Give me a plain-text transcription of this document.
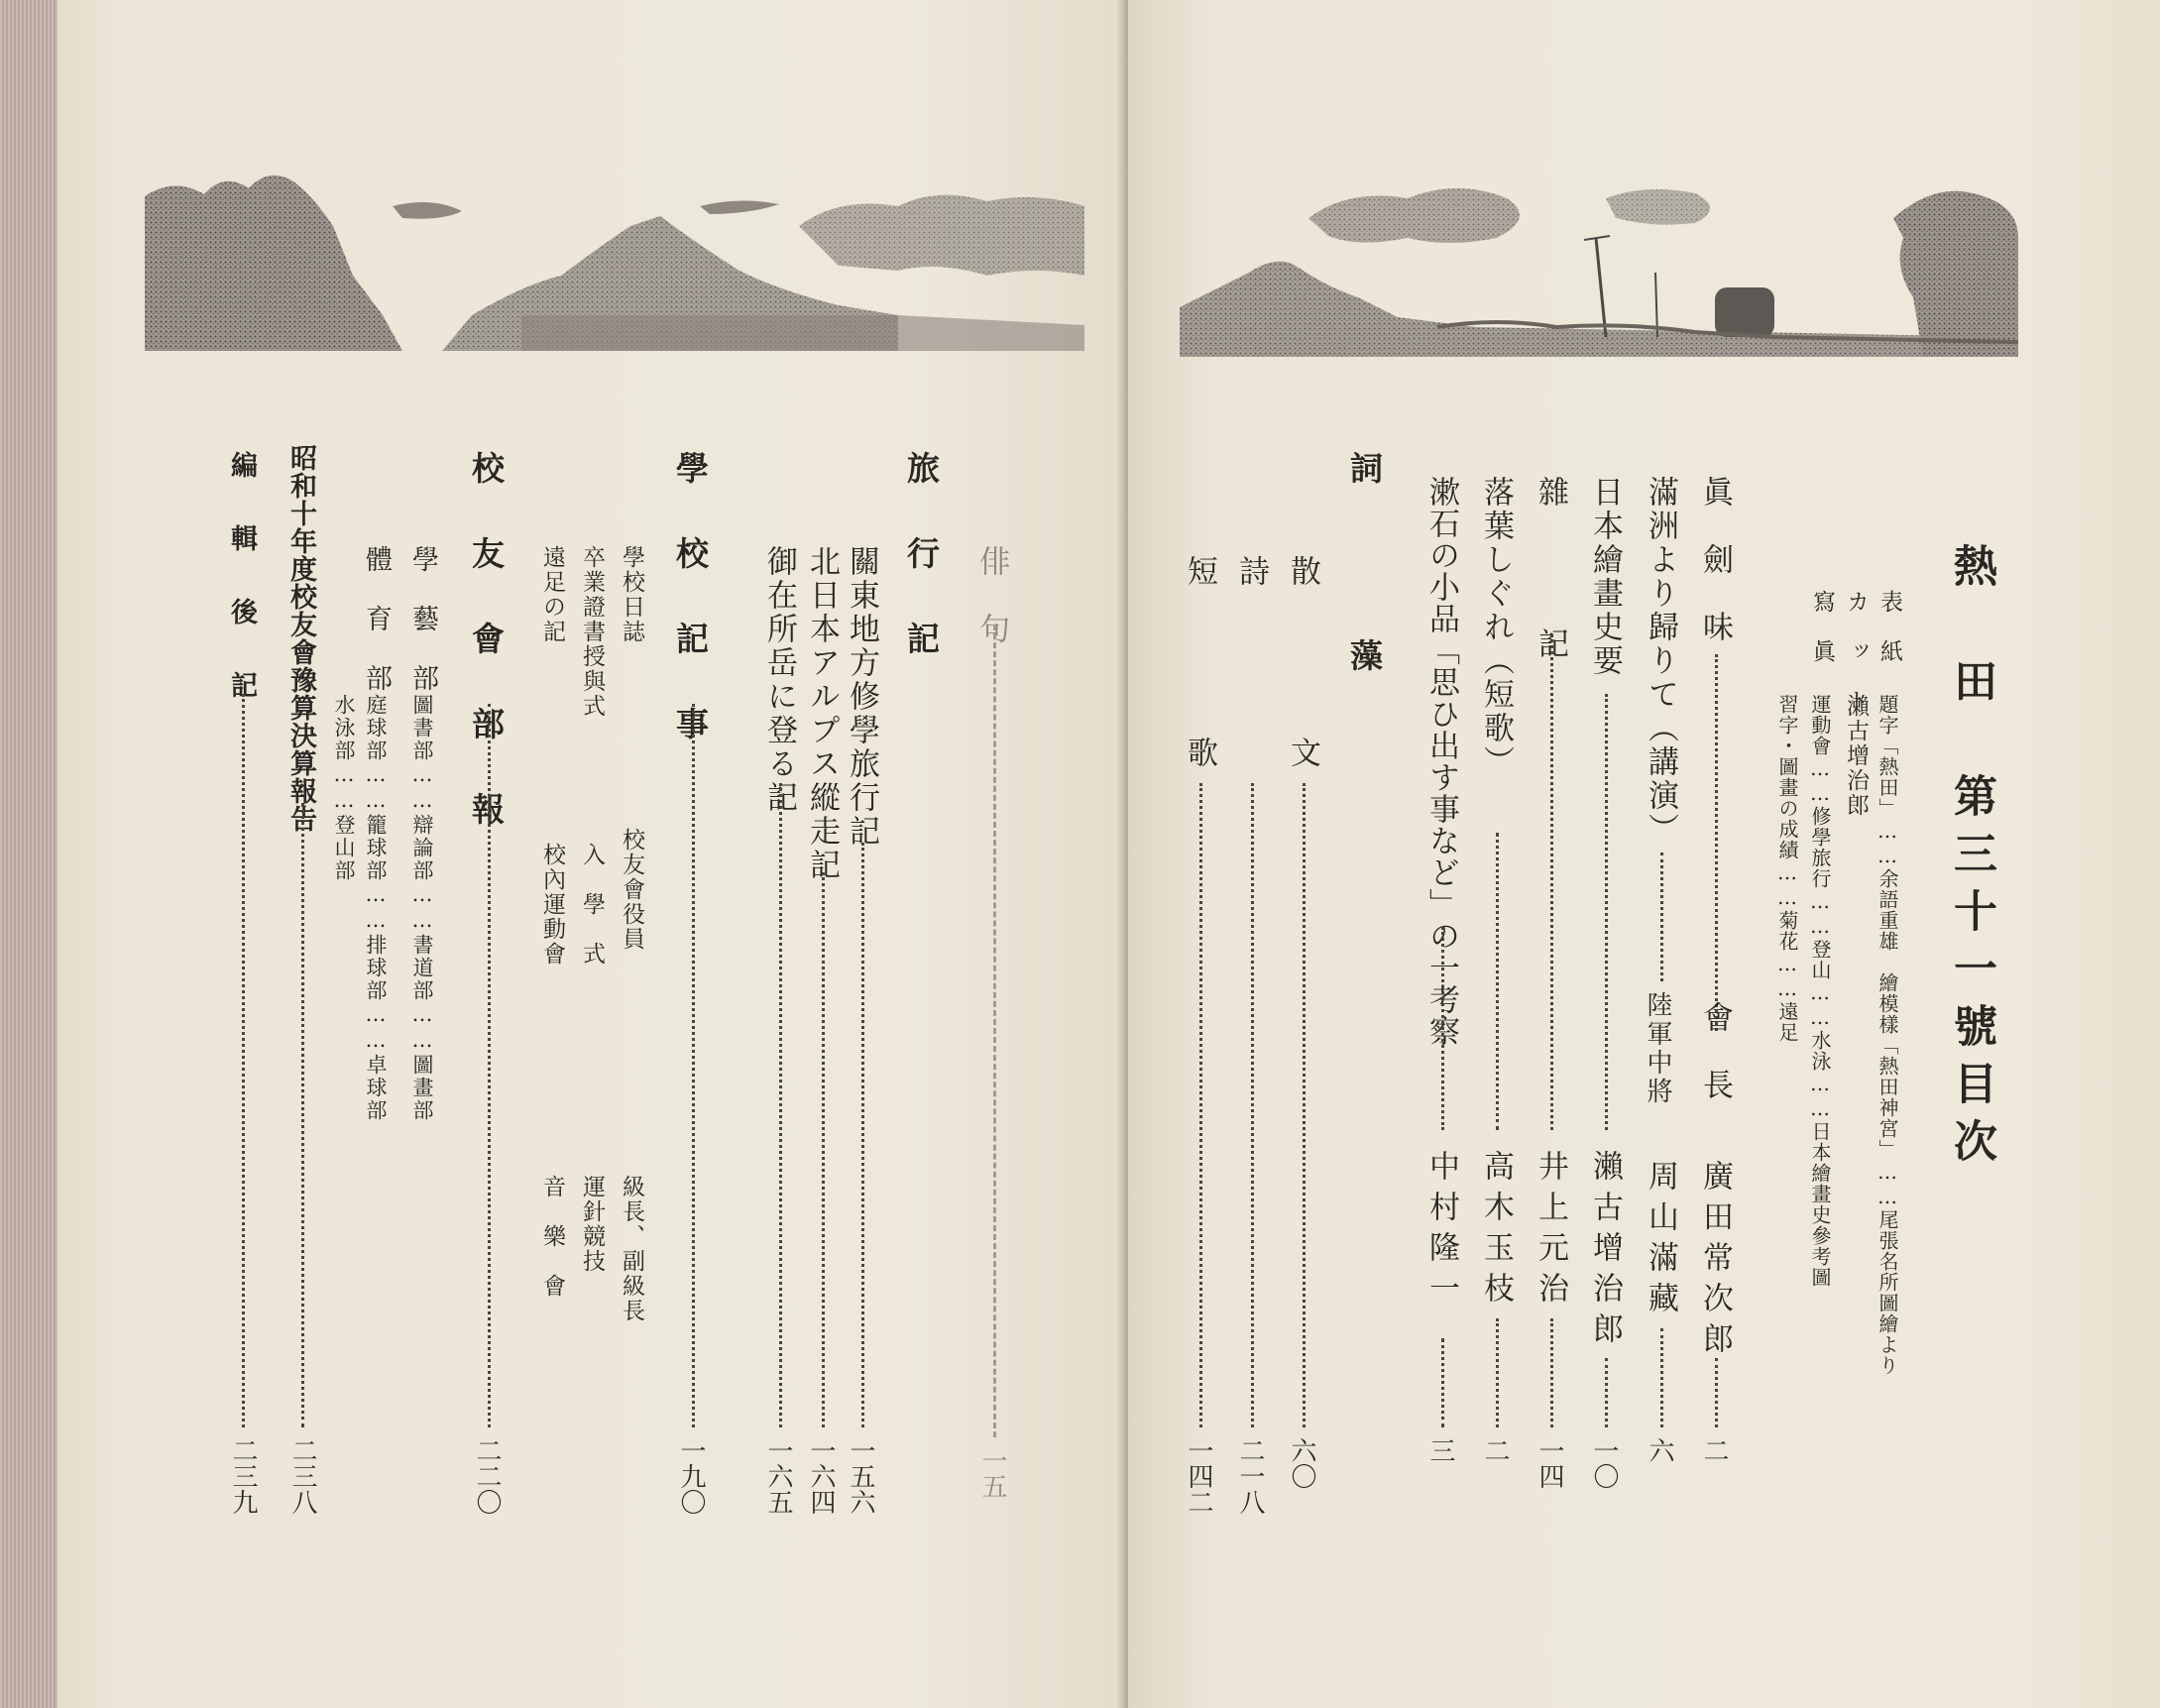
俳　句
一五
旅　行　記
關東地方修學旅行記
一五六
北日本アルプス縱走記
一六四
御在所岳に登る記
一六五
學　校　記　事
一九〇
學校日誌
校友會役員
級長、副級長
卒業證書授與式
入　學　式
運針競技
遠足の記
校內運動會
音　樂　會
校　友　會　部　報
二二〇
學　藝　部
圖書部……辯論部……書道部……圖畫部
體　育　部
庭球部……籠球部……排球部……卓球部
水泳部……登山部
昭和十年度校友會豫算決算報告
二三八
編　輯　後　記
二三九
熱　田　第三十一號目次
表　紙
題字「熱田」……余語重雄　繪模樣「熱田神宮」……尾張名所圖繪より
カ　ッ　ト
瀨古增治郎
寫　眞
運動會……修學旅行……登山……水泳……日本繪畫史參考圖
習字・圖畫の成績……菊花……遠足
眞　劍　味
會　長
廣田常次郎
二
滿洲より歸りて（講演）
陸軍中將
周山滿藏
六
日本繪畫史要
瀨古增治郎
一〇
雜　　記
井上元治
一四
落葉しぐれ（短歌）
高木玉枝
二
漱石の小品「思ひ出す事など」の一考察
中村隆一
三
詞　　藻
散　　文
六〇
詩
二一八
短　　歌
一四二
